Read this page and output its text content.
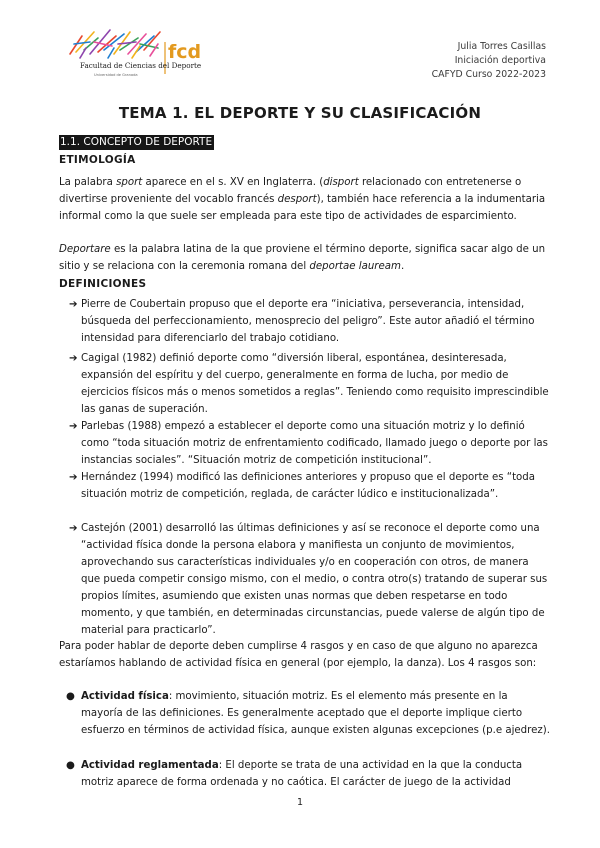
fcd
Facultad de Ciencias del Deporte
Universidad de Granada
Julia Torres Casillas
Iniciación deportiva
CAFYD Curso 2022-2023
TEMA 1. EL DEPORTE Y SU CLASIFICACIÓN
1.1. CONCEPTO DE DEPORTE
ETIMOLOGÍA
La palabra sport aparece en el s. XV en Inglaterra. (disport relacionado con entretenerse o divertirse proveniente del vocablo francés desport), también hace referencia a la indumentaria informal como la que suele ser empleada para este tipo de actividades de esparcimiento.
Deportare es la palabra latina de la que proviene el término deporte, significa sacar algo de un sitio y se relaciona con la ceremonia romana del deportae lauream.
DEFINICIONES
➔ Pierre de Coubertain propuso que el deporte era “iniciativa, perseverancia, intensidad, búsqueda del perfeccionamiento, menosprecio del peligro”. Este autor añadió el término intensidad para diferenciarlo del trabajo cotidiano.
➔ Cagigal (1982) definió deporte como “diversión liberal, espontánea, desinteresada, expansión del espíritu y del cuerpo, generalmente en forma de lucha, por medio de ejercicios físicos más o menos sometidos a reglas”. Teniendo como requisito imprescindible las ganas de superación.
➔ Parlebas (1988) empezó a establecer el deporte como una situación motriz y lo definió como “toda situación motriz de enfrentamiento codificado, llamado juego o deporte por las instancias sociales”. “Situación motriz de competición institucional”.
➔ Hernández (1994) modificó las definiciones anteriores y propuso que el deporte es “toda situación motriz de competición, reglada, de carácter lúdico e institucionalizada”.
➔ Castejón (2001) desarrolló las últimas definiciones y así se reconoce el deporte como una “actividad física donde la persona elabora y manifiesta un conjunto de movimientos, aprovechando sus características individuales y/o en cooperación con otros, de manera que pueda competir consigo mismo, con el medio, o contra otro(s) tratando de superar sus propios límites, asumiendo que existen unas normas que deben respetarse en todo momento, y que también, en determinadas circunstancias, puede valerse de algún tipo de material para practicarlo”.
Para poder hablar de deporte deben cumplirse 4 rasgos y en caso de que alguno no aparezca estaríamos hablando de actividad física en general (por ejemplo, la danza). Los 4 rasgos son:
● Actividad física: movimiento, situación motriz. Es el elemento más presente en la mayoría de las definiciones. Es generalmente aceptado que el deporte implique cierto esfuerzo en términos de actividad física, aunque existen algunas excepciones (p.e ajedrez).
● Actividad reglamentada: El deporte se trata de una actividad en la que la conducta motriz aparece de forma ordenada y no caótica. El carácter de juego de la actividad
1
